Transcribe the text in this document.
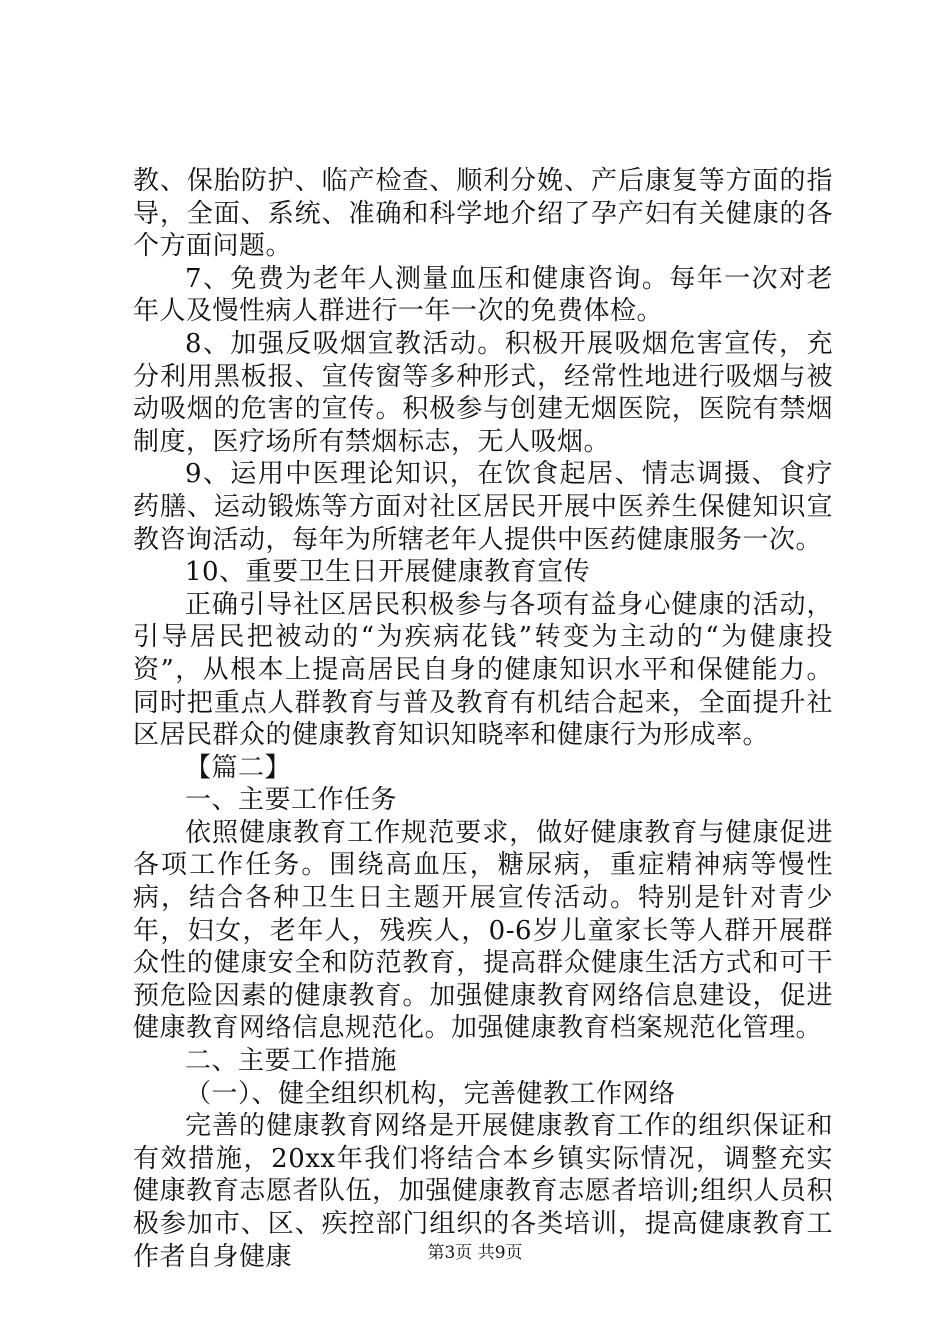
教、保胎防护、临产检查、顺利分娩、产后康复等方面的指导，全面、系统、准确和科学地介绍了孕产妇有关健康的各个方面问题。

7、免费为老年人测量血压和健康咨询。每年一次对老年人及慢性病人群进行一年一次的免费体检。

8、加强反吸烟宣教活动。积极开展吸烟危害宣传，充分利用黑板报、宣传窗等多种形式，经常性地进行吸烟与被动吸烟的危害的宣传。积极参与创建无烟医院，医院有禁烟制度，医疗场所有禁烟标志，无人吸烟。

9、运用中医理论知识，在饮食起居、情志调摄、食疗药膳、运动锻炼等方面对社区居民开展中医养生保健知识宣教咨询活动，每年为所辖老年人提供中医药健康服务一次。

10、重要卫生日开展健康教育宣传

正确引导社区居民积极参与各项有益身心健康的活动，引导居民把被动的“为疾病花钱”转变为主动的“为健康投资”，从根本上提高居民自身的健康知识水平和保健能力。同时把重点人群教育与普及教育有机结合起来，全面提升社区居民群众的健康教育知识知晓率和健康行为形成率。

【篇二】

一、主要工作任务

依照健康教育工作规范要求，做好健康教育与健康促进各项工作任务。围绕高血压，糖尿病，重症精神病等慢性病，结合各种卫生日主题开展宣传活动。特别是针对青少年，妇女，老年人，残疾人，0-6岁儿童家长等人群开展群众性的健康安全和防范教育，提高群众健康生活方式和可干预危险因素的健康教育。加强健康教育网络信息建设，促进健康教育网络信息规范化。加强健康教育档案规范化管理。

二、主要工作措施

（一）、健全组织机构，完善健教工作网络

完善的健康教育网络是开展健康教育工作的组织保证和有效措施，20xx年我们将结合本乡镇实际情况，调整充实健康教育志愿者队伍，加强健康教育志愿者培训;组织人员积极参加市、区、疾控部门组织的各类培训，提高健康教育工作者自身健康	第3页 共9页
